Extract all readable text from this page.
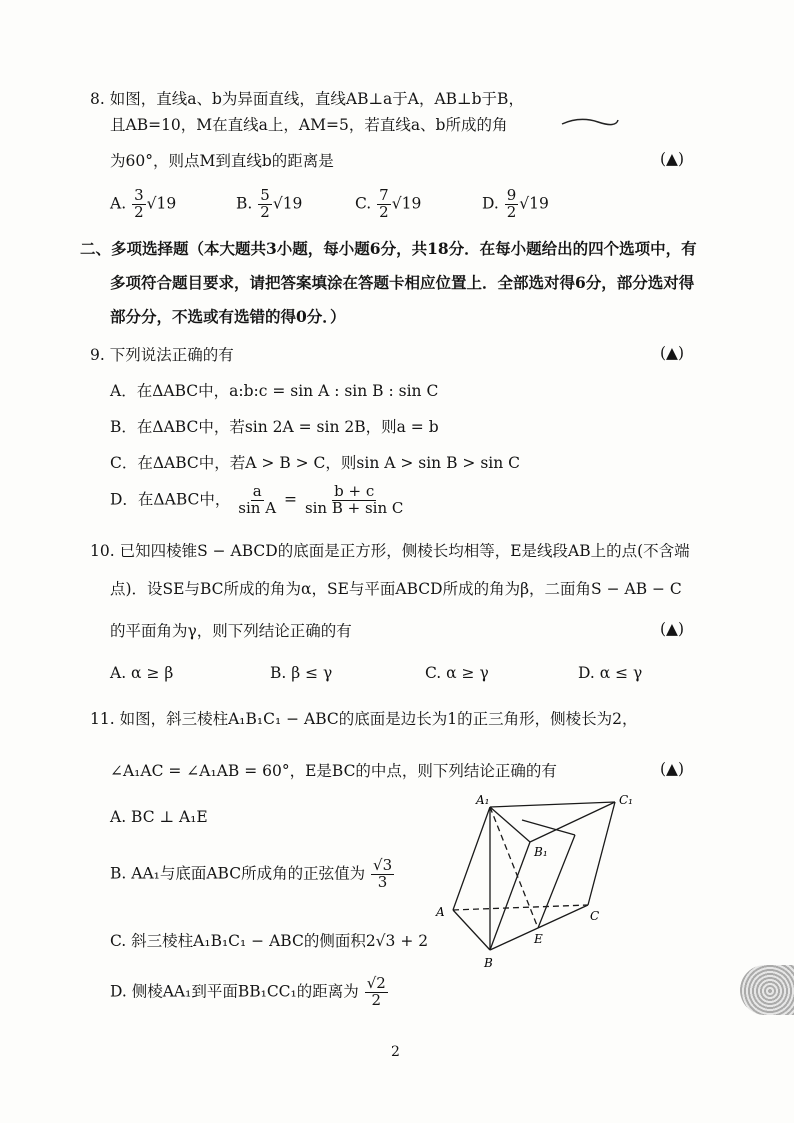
8. 如图，直线a、b为异面直线，直线AB⊥a于A，AB⊥b于B，
且AB=10，M在直线a上，AM=5，若直线a、b所成的角
为60°，则点M到直线b的距离是	(▲)
A. $\frac{3}{2} √19$	B. $\frac{5}{2} √19$	C. $\frac{7}{2} √19$	D. $\frac{9}{2} √19$
二、多项选择题（本大题共3小题，每小题6分，共18分．在每小题给出的四个选项中，有
多项符合题目要求，请把答案填涂在答题卡相应位置上．全部选对得6分，部分选对得
部分分，不选或有选错的得0分．）
9. 下列说法正确的有	(▲)
A．在ΔABC中，a:b:c = sin A : sin B : sin C
B．在ΔABC中，若sin 2A = sin 2B，则a = b
C．在ΔABC中，若A > B > C，则sin A > sin B > sin C
D．在ΔABC中， $\frac{a}{\text{sin A}} = \frac{b + c}{\text{sin B + sin C}}$
10. 已知四棱锥S − ABCD的底面是正方形，侧棱长均相等，E是线段AB上的点(不含端
点)．设SE与BC所成的角为α，SE与平面ABCD所成的角为β，二面角S − AB − C
的平面角为γ，则下列结论正确的有	(▲)
A. α ≥ β	B. β ≤ γ	C. α ≥ γ	D. α ≤ γ
11. 如图，斜三棱柱A₁B₁C₁ − ABC的底面是边长为1的正三角形，侧棱长为2，
∠A₁AC = ∠A₁AB = 60°，E是BC的中点，则下列结论正确的有	(▲)
A. BC ⊥ A₁E
B. AA₁与底面ABC所成角的正弦值为 $\frac{√3}{3}$
C. 斜三棱柱A₁B₁C₁ − ABC的侧面积2√3 + 2
D. 侧棱AA₁到平面BB₁CC₁的距离为 $\frac{√2}{2}$
A₁	C₁
B₁
A	C
B
E
2
